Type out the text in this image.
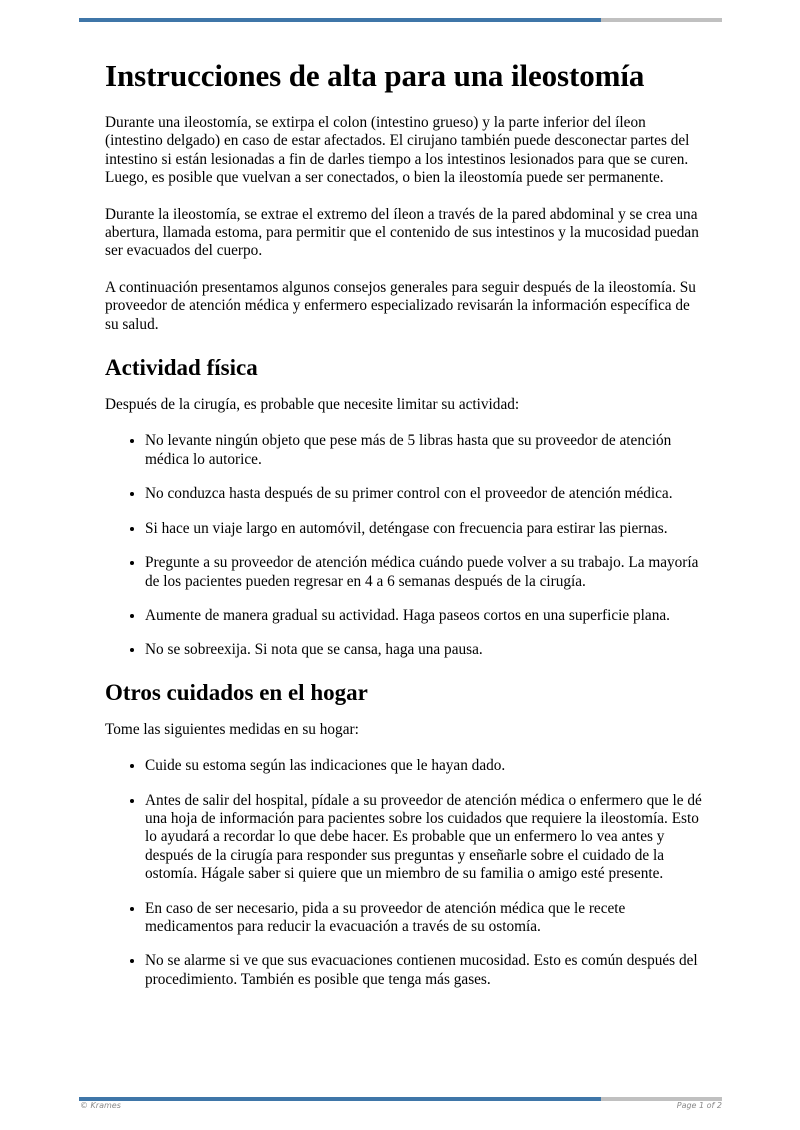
Instrucciones de alta para una ileostomía

Durante una ileostomía, se extirpa el colon (intestino grueso) y la parte inferior del íleon (intestino delgado) en caso de estar afectados. El cirujano también puede desconectar partes del intestino si están lesionadas a fin de darles tiempo a los intestinos lesionados para que se curen. Luego, es posible que vuelvan a ser conectados, o bien la ileostomía puede ser permanente.

Durante la ileostomía, se extrae el extremo del íleon a través de la pared abdominal y se crea una abertura, llamada estoma, para permitir que el contenido de sus intestinos y la mucosidad puedan ser evacuados del cuerpo.

A continuación presentamos algunos consejos generales para seguir después de la ileostomía. Su proveedor de atención médica y enfermero especializado revisarán la información específica de su salud.

Actividad física

Después de la cirugía, es probable que necesite limitar su actividad:

• No levante ningún objeto que pese más de 5 libras hasta que su proveedor de atención médica lo autorice.
• No conduzca hasta después de su primer control con el proveedor de atención médica.
• Si hace un viaje largo en automóvil, deténgase con frecuencia para estirar las piernas.
• Pregunte a su proveedor de atención médica cuándo puede volver a su trabajo. La mayoría de los pacientes pueden regresar en 4 a 6 semanas después de la cirugía.
• Aumente de manera gradual su actividad. Haga paseos cortos en una superficie plana.
• No se sobreexija. Si nota que se cansa, haga una pausa.
Otros cuidados en el hogar

Tome las siguientes medidas en su hogar:

• Cuide su estoma según las indicaciones que le hayan dado.
• Antes de salir del hospital, pídale a su proveedor de atención médica o enfermero que le dé una hoja de información para pacientes sobre los cuidados que requiere la ileostomía. Esto lo ayudará a recordar lo que debe hacer. Es probable que un enfermero lo vea antes y después de la cirugía para responder sus preguntas y enseñarle sobre el cuidado de la ostomía. Hágale saber si quiere que un miembro de su familia o amigo esté presente.
• En caso de ser necesario, pida a su proveedor de atención médica que le recete medicamentos para reducir la evacuación a través de su ostomía.
• No se alarme si ve que sus evacuaciones contienen mucosidad. Esto es común después del procedimiento. También es posible que tenga más gases.
© Krames	Page 1 of 2
